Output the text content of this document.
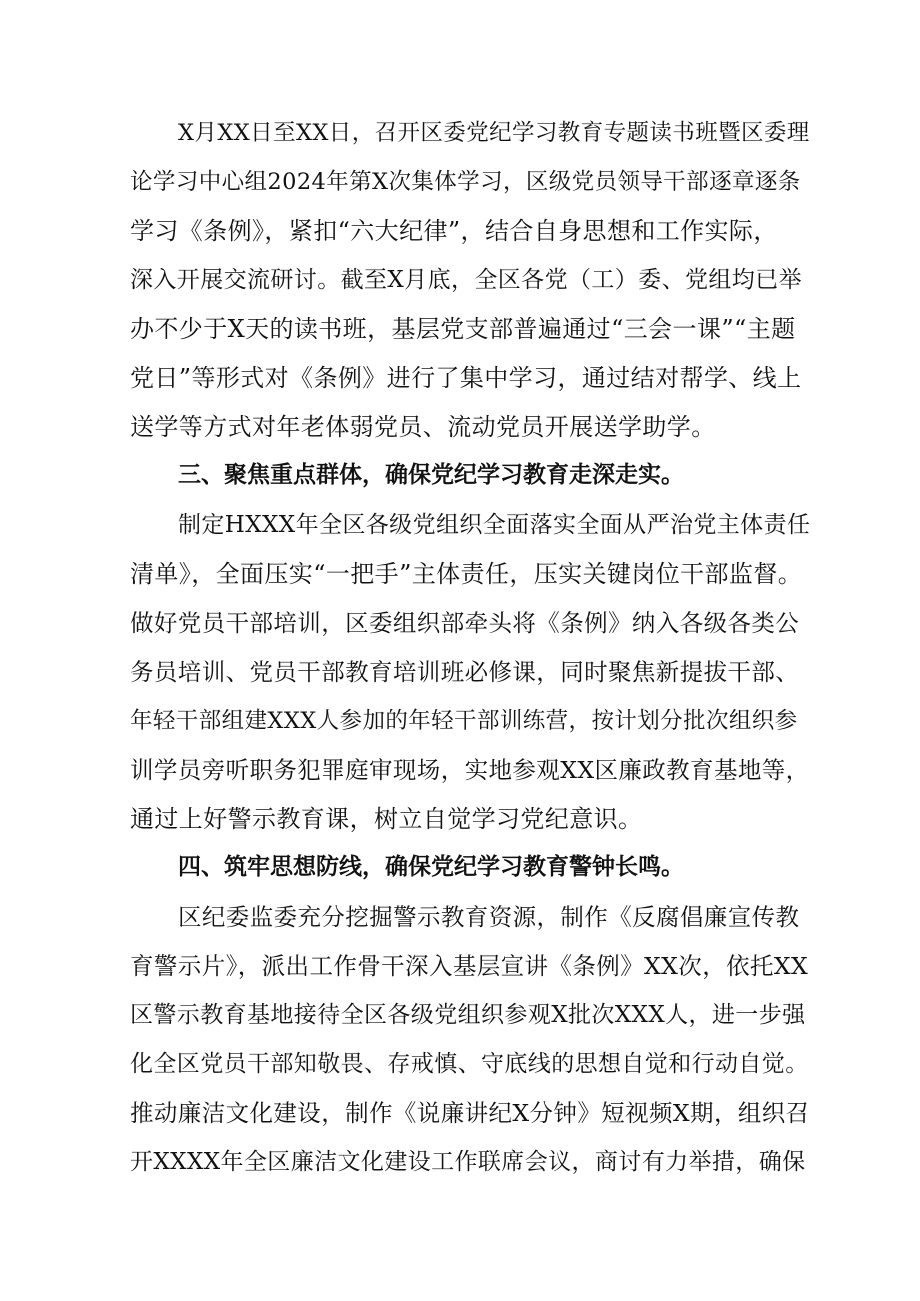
X月XX日至XX日，召开区委党纪学习教育专题读书班暨区委理
论学习中心组2024年第X次集体学习，区级党员领导干部逐章逐条
学习《条例》，紧扣“六大纪律”，结合自身思想和工作实际，
深入开展交流研讨。截至X月底，全区各党（工）委、党组均已举
办不少于X天的读书班，基层党支部普遍通过“三会一课”“主题
党日”等形式对《条例》进行了集中学习，通过结对帮学、线上
送学等方式对年老体弱党员、流动党员开展送学助学。
三、聚焦重点群体，确保党纪学习教育走深走实。
制定HXXX年全区各级党组织全面落实全面从严治党主体责任
清单》，全面压实“一把手”主体责任，压实关键岗位干部监督。
做好党员干部培训，区委组织部牵头将《条例》纳入各级各类公
务员培训、党员干部教育培训班必修课，同时聚焦新提拔干部、
年轻干部组建XXX人参加的年轻干部训练营，按计划分批次组织参
训学员旁听职务犯罪庭审现场，实地参观XX区廉政教育基地等，
通过上好警示教育课，树立自觉学习党纪意识。
四、筑牢思想防线，确保党纪学习教育警钟长鸣。
区纪委监委充分挖掘警示教育资源，制作《反腐倡廉宣传教
育警示片》，派出工作骨干深入基层宣讲《条例》XX次，依托XX
区警示教育基地接待全区各级党组织参观X批次XXX人，进一步强
化全区党员干部知敬畏、存戒慎、守底线的思想自觉和行动自觉。
推动廉洁文化建设，制作《说廉讲纪X分钟》短视频X期，组织召
开XXXX年全区廉洁文化建设工作联席会议，商讨有力举措，确保
